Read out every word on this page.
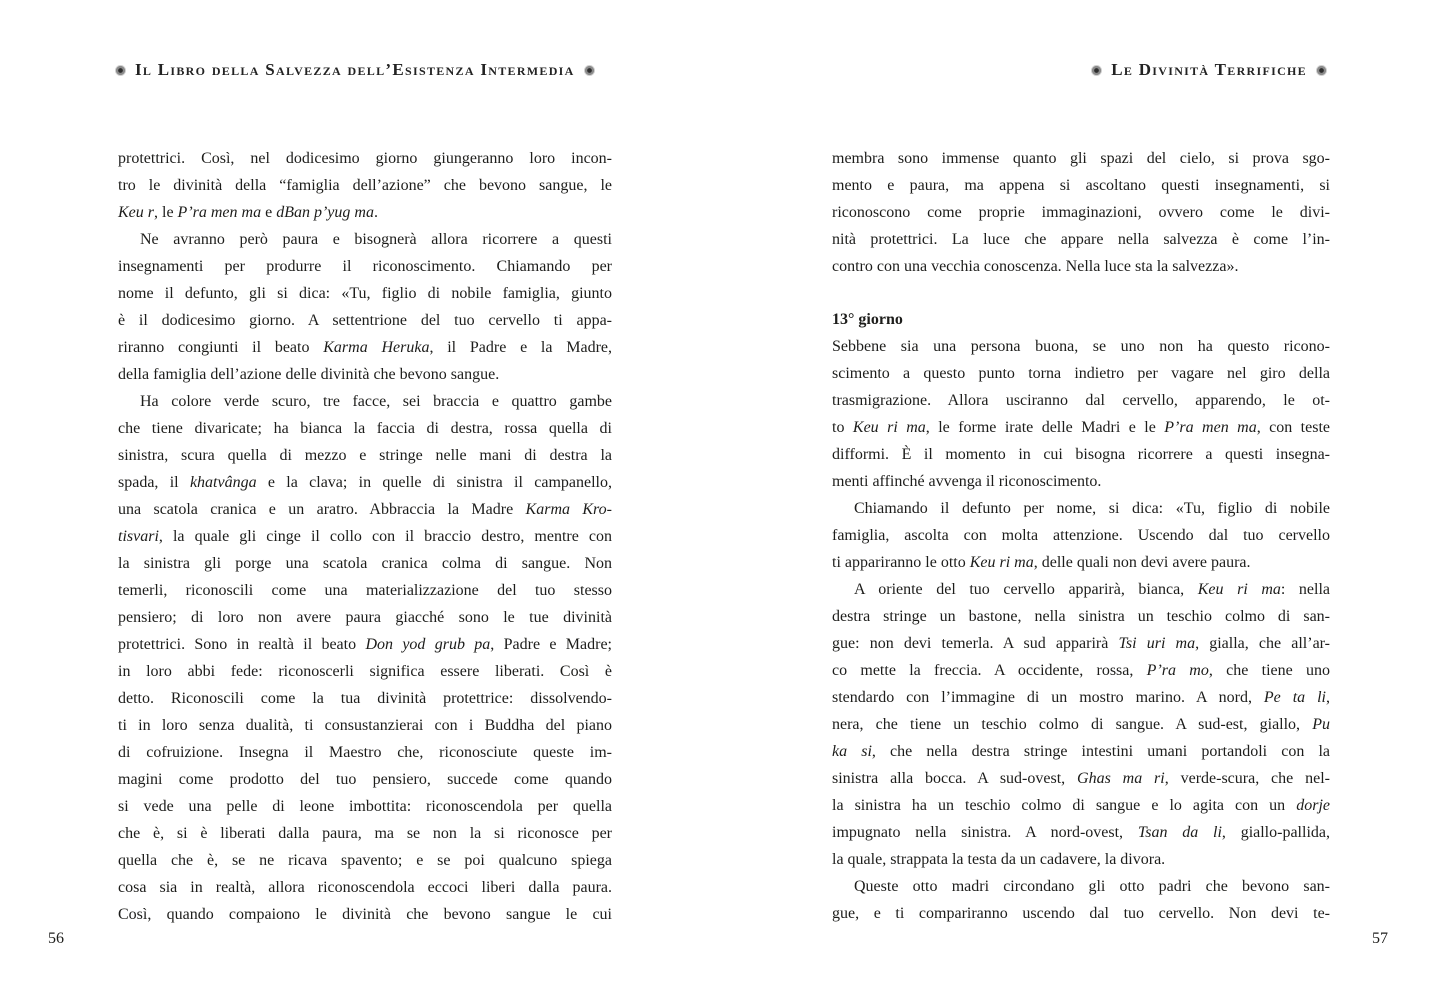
Il Libro della Salvezza dell’Esistenza Intermedia
protettrici. Così, nel dodicesimo giorno giungeranno loro incon-
tro le divinità della “famiglia dell’azione” che bevono sangue, le
Keu r, le P’ra men ma e dBan p’yug ma.
Ne avranno però paura e bisognerà allora ricorrere a questi
insegnamenti per produrre il riconoscimento. Chiamando per
nome il defunto, gli si dica: «Tu, figlio di nobile famiglia, giunto
è il dodicesimo giorno. A settentrione del tuo cervello ti appa-
riranno congiunti il beato Karma Heruka, il Padre e la Madre,
della famiglia dell’azione delle divinità che bevono sangue.
Ha colore verde scuro, tre facce, sei braccia e quattro gambe
che tiene divaricate; ha bianca la faccia di destra, rossa quella di
sinistra, scura quella di mezzo e stringe nelle mani di destra la
spada, il khatvânga e la clava; in quelle di sinistra il campanello,
una scatola cranica e un aratro. Abbraccia la Madre Karma Kro-
tisvari, la quale gli cinge il collo con il braccio destro, mentre con
la sinistra gli porge una scatola cranica colma di sangue. Non
temerli, riconoscili come una materializzazione del tuo stesso
pensiero; di loro non avere paura giacché sono le tue divinità
protettrici. Sono in realtà il beato Don yod grub pa, Padre e Madre;
in loro abbi fede: riconoscerli significa essere liberati. Così è
detto. Riconoscili come la tua divinità protettrice: dissolvendo-
ti in loro senza dualità, ti consustanzierai con i Buddha del piano
di cofruizione. Insegna il Maestro che, riconosciute queste im-
magini come prodotto del tuo pensiero, succede come quando
si vede una pelle di leone imbottita: riconoscendola per quella
che è, si è liberati dalla paura, ma se non la si riconosce per
quella che è, se ne ricava spavento; e se poi qualcuno spiega
cosa sia in realtà, allora riconoscendola eccoci liberi dalla paura.
Così, quando compaiono le divinità che bevono sangue le cui
56
Le Divinità Terrifiche
membra sono immense quanto gli spazi del cielo, si prova sgo-
mento e paura, ma appena si ascoltano questi insegnamenti, si
riconoscono come proprie immaginazioni, ovvero come le divi-
nità protettrici. La luce che appare nella salvezza è come l’in-
contro con una vecchia conoscenza. Nella luce sta la salvezza».
13° giorno
Sebbene sia una persona buona, se uno non ha questo ricono-
scimento a questo punto torna indietro per vagare nel giro della
trasmigrazione. Allora usciranno dal cervello, apparendo, le ot-
to Keu ri ma, le forme irate delle Madri e le P’ra men ma, con teste
difformi. È il momento in cui bisogna ricorrere a questi insegna-
menti affinché avvenga il riconoscimento.
Chiamando il defunto per nome, si dica: «Tu, figlio di nobile
famiglia, ascolta con molta attenzione. Uscendo dal tuo cervello
ti appariranno le otto Keu ri ma, delle quali non devi avere paura.
A oriente del tuo cervello apparirà, bianca, Keu ri ma: nella
destra stringe un bastone, nella sinistra un teschio colmo di san-
gue: non devi temerla. A sud apparirà Tsi uri ma, gialla, che all’ar-
co mette la freccia. A occidente, rossa, P’ra mo, che tiene uno
stendardo con l’immagine di un mostro marino. A nord, Pe ta li,
nera, che tiene un teschio colmo di sangue. A sud-est, giallo, Pu
ka si, che nella destra stringe intestini umani portandoli con la
sinistra alla bocca. A sud-ovest, Ghas ma ri, verde-scura, che nel-
la sinistra ha un teschio colmo di sangue e lo agita con un dorje
impugnato nella sinistra. A nord-ovest, Tsan da li, giallo-pallida,
la quale, strappata la testa da un cadavere, la divora.
Queste otto madri circondano gli otto padri che bevono san-
gue, e ti compariranno uscendo dal tuo cervello. Non devi te-
57
